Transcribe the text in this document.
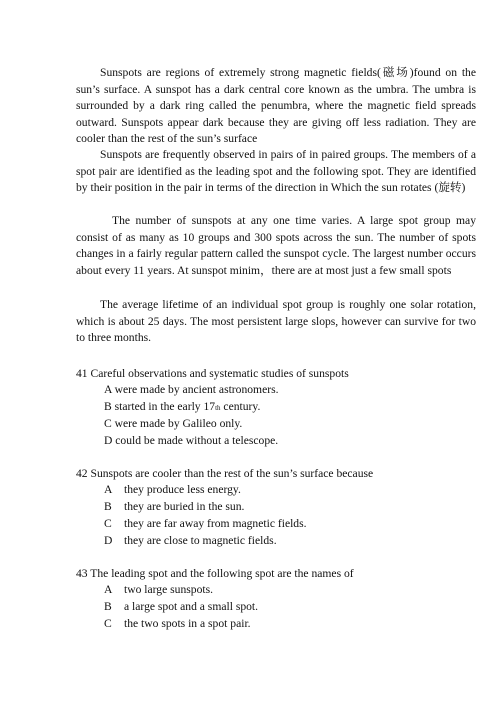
Sunspots are regions of extremely strong magnetic fields(磁场)found on the sun’s surface. A sunspot has a dark central core known as the umbra. The umbra is surrounded by a dark ring called the penumbra, where the magnetic field spreads outward. Sunspots appear dark because they are giving off less radiation. They are cooler than the rest of the sun’s surface

Sunspots are frequently observed in pairs of in paired groups. The members of a spot pair are identified as the leading spot and the following spot. They are identified by their position in the pair in terms of the direction in Which the sun rotates (旋转)

The number of sunspots at any one time varies. A large spot group may consist of as many as 10 groups and 300 spots across the sun. The number of spots changes in a fairly regular pattern called the sunspot cycle. The largest number occurs about every 11 years. At sunspot minim，there are at most just a few small spots

The average lifetime of an individual spot group is roughly one solar rotation, which is about 25 days. The most persistent large slops, however can survive for two to three months.

41 Careful observations and systematic studies of sunspots

A were made by ancient astronomers.

B started in the early 17th century.

C were made by Galileo only.

D could be made without a telescope.

42 Sunspots are cooler than the rest of the sun’s surface because

A they produce less energy.

B they are buried in the sun.

C they are far away from magnetic fields.

D they are close to magnetic fields.

43 The leading spot and the following spot are the names of

A two large sunspots.

B a large spot and a small spot.

C the two spots in a spot pair.
